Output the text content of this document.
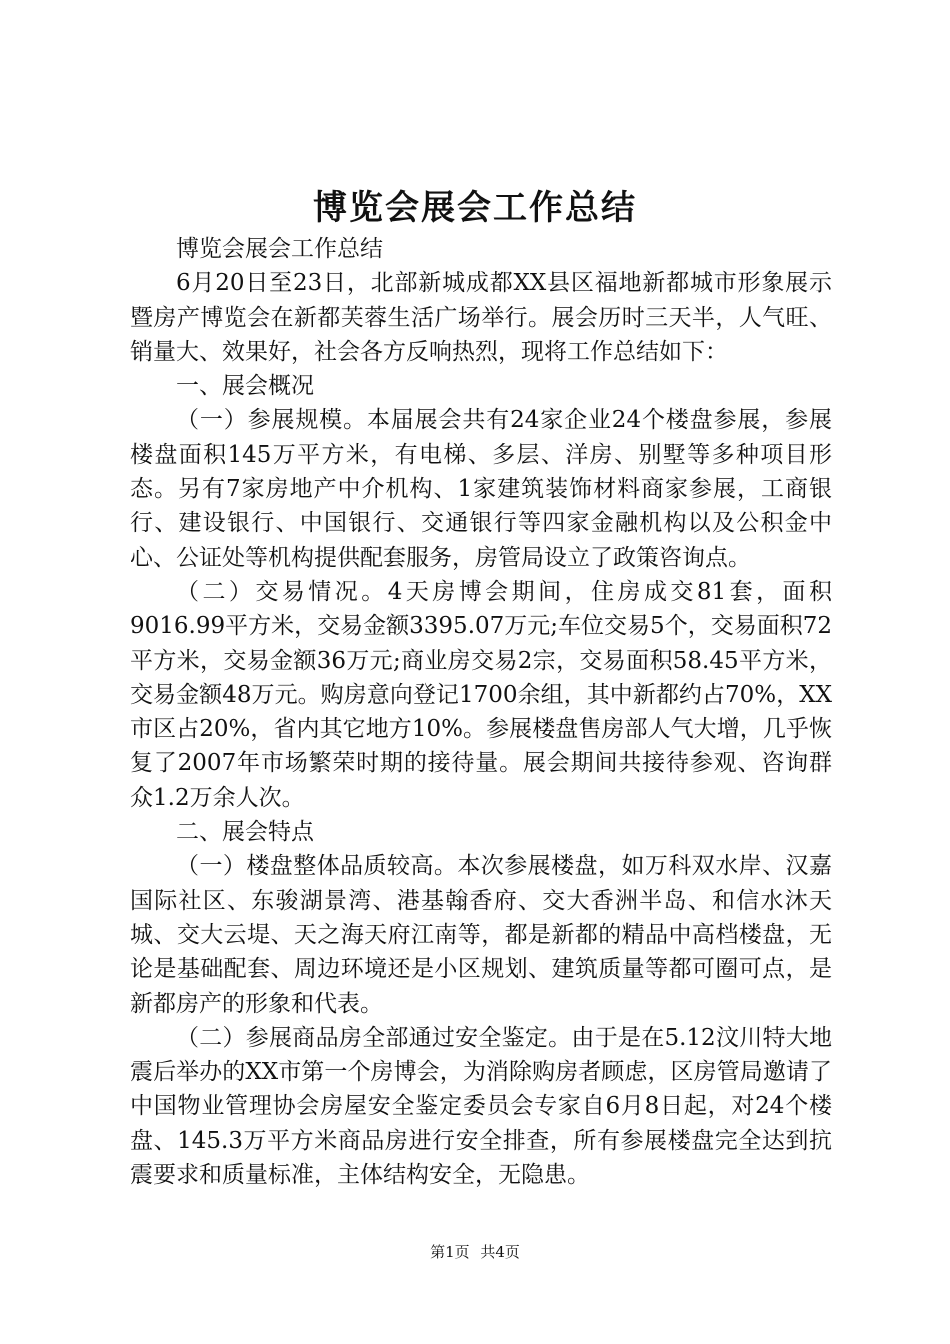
博览会展会工作总结

博览会展会工作总结

6月20日至23日，北部新城成都XX县区福地新都城市形象展示暨房产博览会在新都芙蓉生活广场举行。展会历时三天半，人气旺、销量大、效果好，社会各方反响热烈，现将工作总结如下：

一、展会概况

（一）参展规模。本届展会共有24家企业24个楼盘参展，参展楼盘面积145万平方米，有电梯、多层、洋房、别墅等多种项目形态。另有7家房地产中介机构、1家建筑装饰材料商家参展，工商银行、建设银行、中国银行、交通银行等四家金融机构以及公积金中心、公证处等机构提供配套服务，房管局设立了政策咨询点。

（二）交易情况。4天房博会期间，住房成交81套，面积9016.99平方米，交易金额3395.07万元;车位交易5个，交易面积72平方米，交易金额36万元;商业房交易2宗，交易面积58.45平方米，交易金额48万元。购房意向登记1700余组，其中新都约占70%，XX市区占20%，省内其它地方10%。参展楼盘售房部人气大增，几乎恢复了2007年市场繁荣时期的接待量。展会期间共接待参观、咨询群众1.2万余人次。

二、展会特点

（一）楼盘整体品质较高。本次参展楼盘，如万科双水岸、汉嘉国际社区、东骏湖景湾、港基翰香府、交大香洲半岛、和信水沐天城、交大云堤、天之海天府江南等，都是新都的精品中高档楼盘，无论是基础配套、周边环境还是小区规划、建筑质量等都可圈可点，是新都房产的形象和代表。

（二）参展商品房全部通过安全鉴定。由于是在5.12汶川特大地震后举办的XX市第一个房博会，为消除购房者顾虑，区房管局邀请了中国物业管理协会房屋安全鉴定委员会专家自6月8日起，对24个楼盘、145.3万平方米商品房进行安全排查，所有参展楼盘完全达到抗震要求和质量标准，主体结构安全，无隐患。

第1页 共4页
